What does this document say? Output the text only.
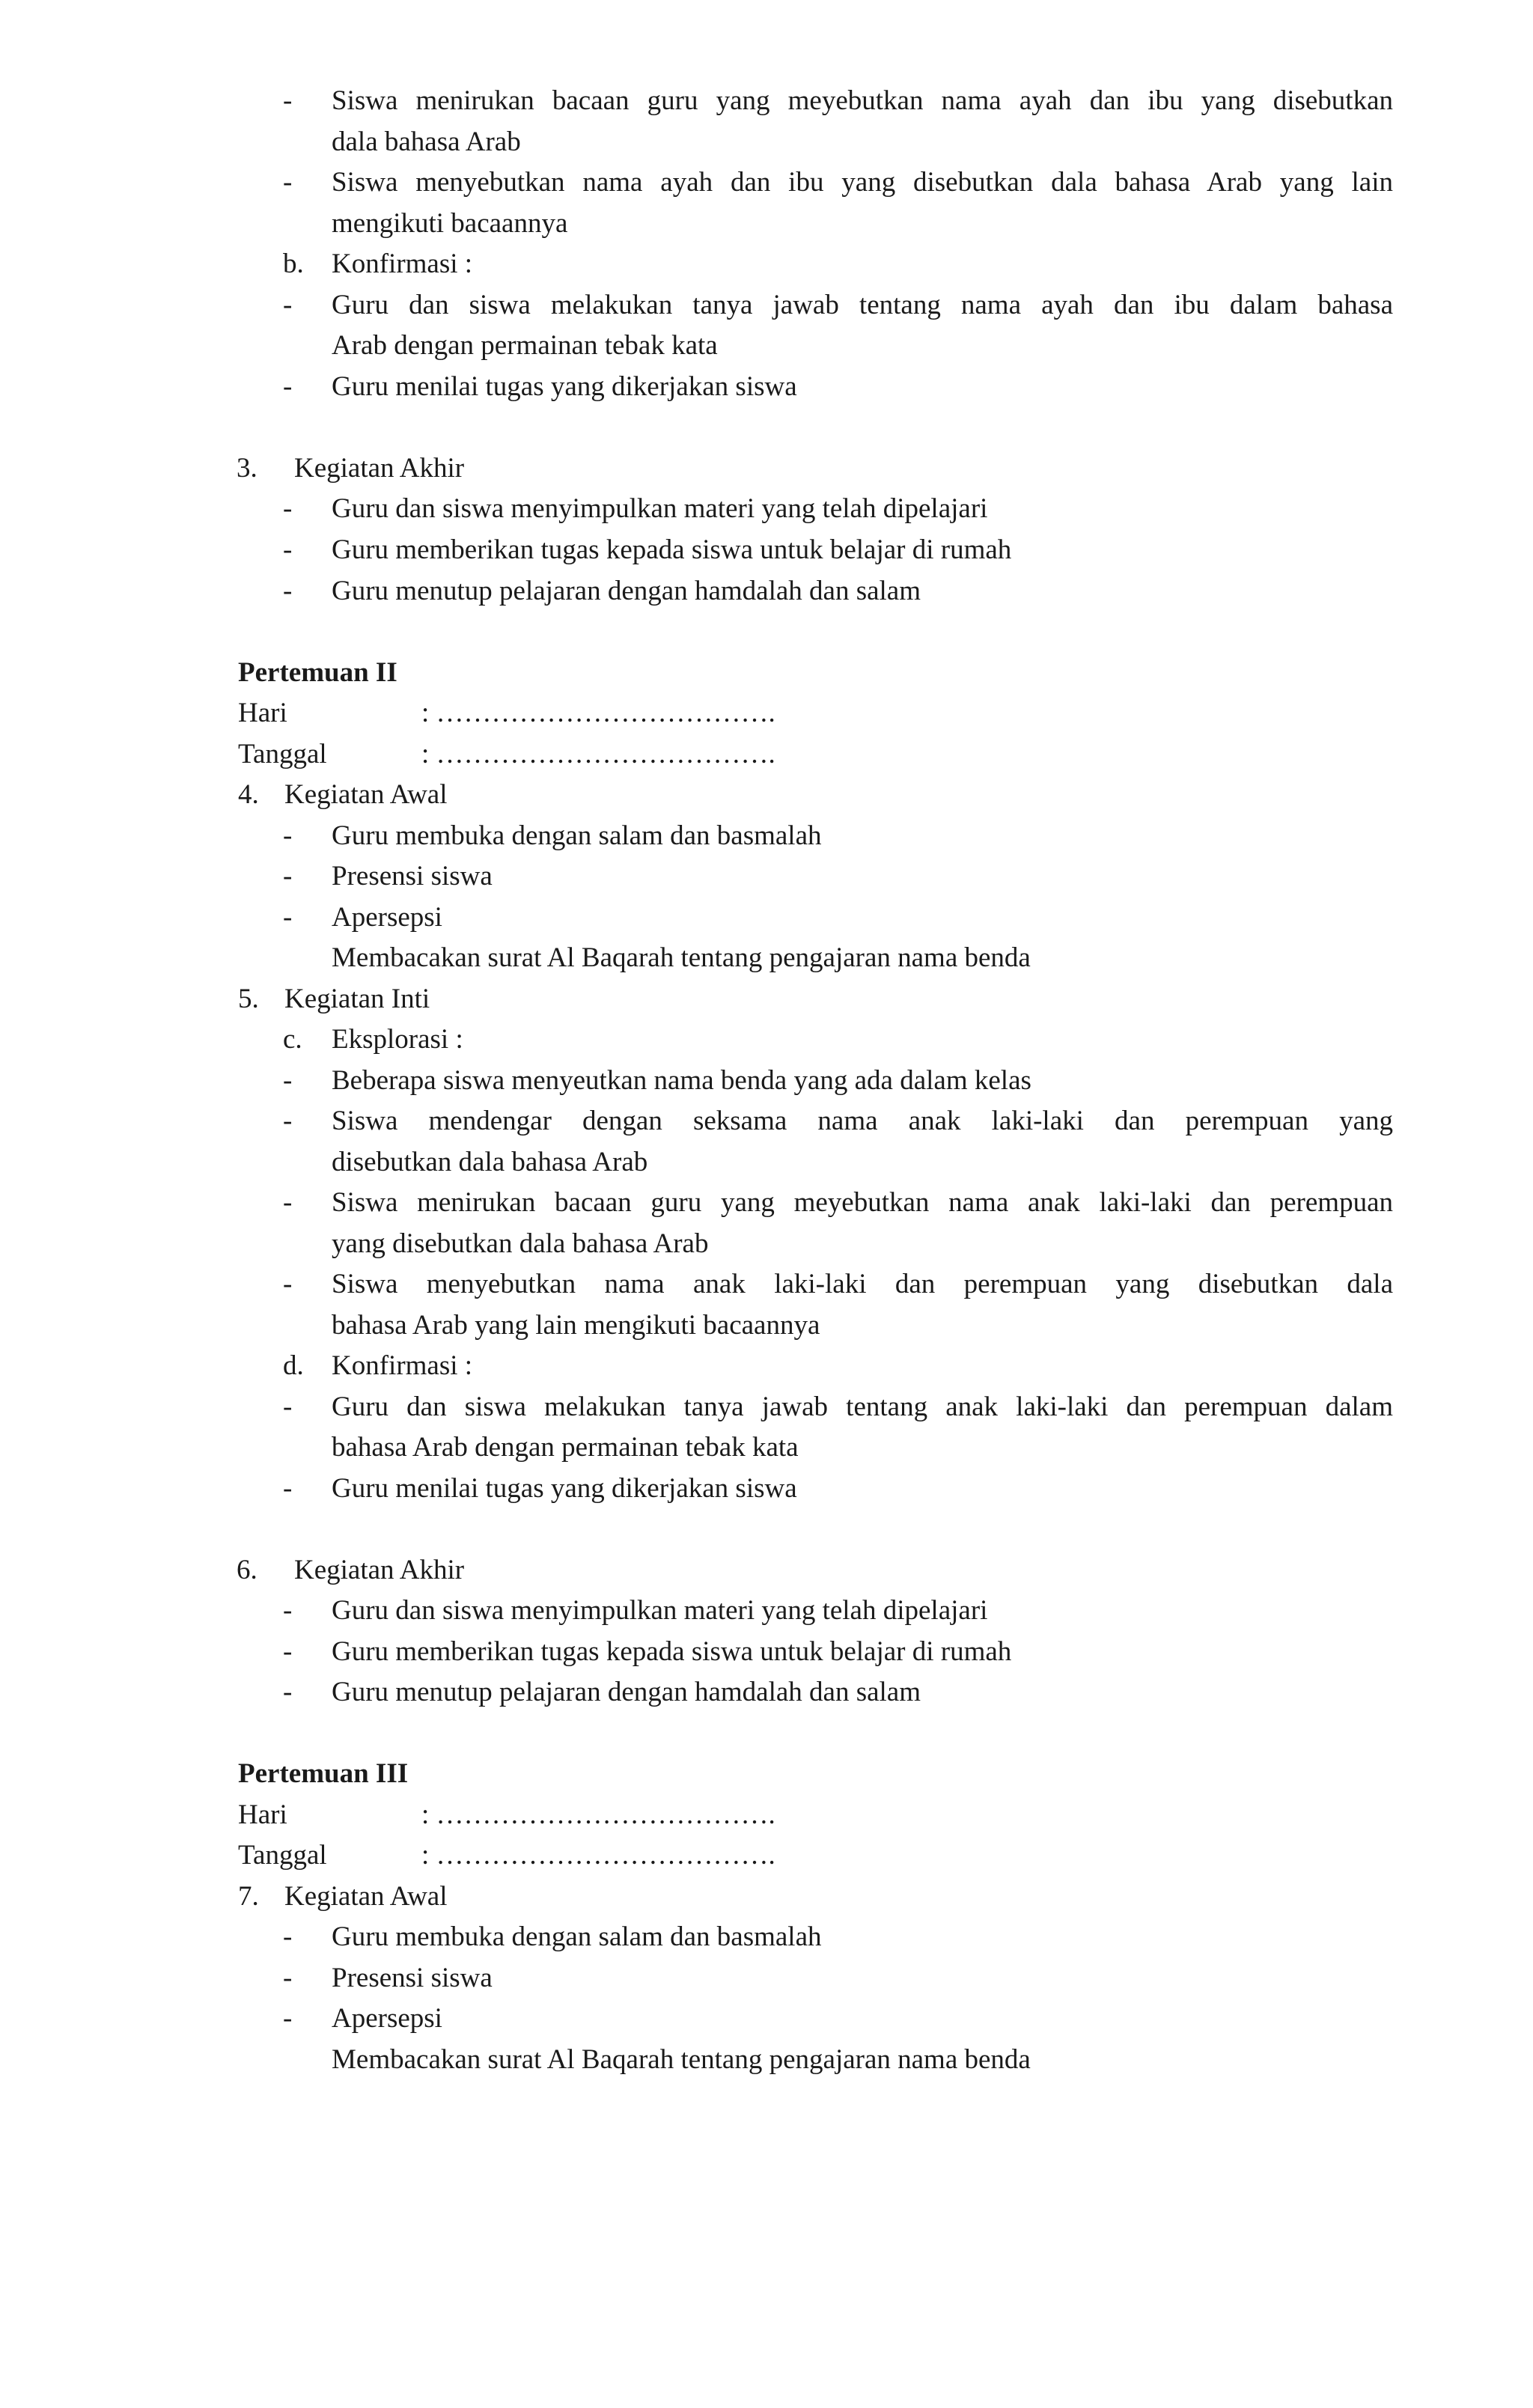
- Siswa menirukan bacaan guru yang meyebutkan nama ayah dan ibu yang disebutkan
dala bahasa Arab
- Siswa menyebutkan nama ayah dan ibu yang disebutkan dala bahasa Arab yang lain
mengikuti bacaannya
b. Konfirmasi :
- Guru dan siswa melakukan tanya jawab tentang nama ayah dan ibu dalam bahasa
Arab dengan permainan tebak kata
- Guru menilai tugas yang dikerjakan siswa
3. Kegiatan Akhir
- Guru dan siswa menyimpulkan materi yang telah dipelajari
- Guru memberikan tugas kepada siswa untuk belajar di rumah
- Guru menutup pelajaran dengan hamdalah dan salam
Pertemuan II
Hari	: ……………………………….
Tanggal	: ……………………………….
4. Kegiatan Awal
- Guru membuka dengan salam dan basmalah
- Presensi siswa
- Apersepsi
Membacakan surat Al Baqarah tentang pengajaran nama benda
5. Kegiatan Inti
c. Eksplorasi :
- Beberapa siswa menyeutkan nama benda yang ada dalam kelas
- Siswa mendengar dengan seksama nama anak laki-laki dan perempuan yang
disebutkan dala bahasa Arab
- Siswa menirukan bacaan guru yang meyebutkan nama anak laki-laki dan perempuan
yang disebutkan dala bahasa Arab
- Siswa menyebutkan nama anak laki-laki dan perempuan yang disebutkan dala
bahasa Arab yang lain mengikuti bacaannya
d. Konfirmasi :
- Guru dan siswa melakukan tanya jawab tentang anak laki-laki dan perempuan dalam
bahasa Arab dengan permainan tebak kata
- Guru menilai tugas yang dikerjakan siswa
6. Kegiatan Akhir
- Guru dan siswa menyimpulkan materi yang telah dipelajari
- Guru memberikan tugas kepada siswa untuk belajar di rumah
- Guru menutup pelajaran dengan hamdalah dan salam
Pertemuan III
Hari	: ……………………………….
Tanggal	: ……………………………….
7. Kegiatan Awal
- Guru membuka dengan salam dan basmalah
- Presensi siswa
- Apersepsi
Membacakan surat Al Baqarah tentang pengajaran nama benda
